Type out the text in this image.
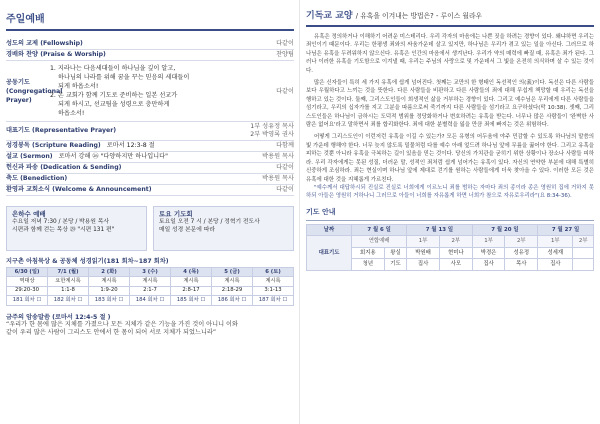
주일예배
성도의 교제 (Fellowship)	다같이
경배와 찬양 (Praise & Worship)	찬양팀
공동기도
(Congregational Prayer)
1. 지라나는 다음세대들이 하나님을 깊이 알고,
하나님의 나라를 위해 꿈을 꾸는 믿음의 세대들이
되게 하옵소서!
2. 온 교회가 함께 기도로 준비하는 일본 선교가
되게 하시고, 선교팀을 성령으로 충만하게
하옵소서!
다같이
대표기도 (Representative Prayer)
1부 성유정 목사
2부 박영록 권사
성경봉독 (Scripture Reading) 로마서 12:3-8 절	다함께
설교 (Sermon) 로마서 강해 ㉖ "다양하지만 하나입니다"	박용원 목사
헌신과 파송 (Dedication & Sending)	다같이
축도 (Benediction)	박용원 목사
환영과 교회소식 (Welcome & Announcement)	다같이
은하수 예배
수요일 저녁 7:30 / 본당 / 박용원 목사
시편과 함께 걷는 목상 ⑳ "시편 131 편"
토요 기도회
토요일 오전 7 시 / 본당 / 정혁기 전도사
매일 성경 본문에 따라
지구촌 아침묵상 & 공동체 성경읽기(181 회차~187 회차)
6/30 (일)	7/1 (월)	2 (화)	3 (수)	4 (목)	5 (금)	6 (토)
역대상	요한계시록	계시록	계시록	계시록	계시록	계시록
29:20-30	1:1-8	1:9-20	2:1-7	2:8-17	2:18-29	3:1-13
181 회차 ☐	182 회차 ☐	183 회차 ☐	184 회차 ☐	185 회차 ☐	186 회차 ☐	187 회차 ☐
금주의 암송말씀 (로마서 12:4-5 절 )
“우리가 한 몸에 많은 지체를 가졌으나 모든 지체가 같은 기능을 가진 것이 아니니 이와
같이 우리 많은 사람이 그리스도 안에서 한 몸이 되어 서로 지체가 되었느니라”
기독교 교양 / 유혹을 이겨내는 방법은? - 루이스 월라우

유혹은 정의하거나 이해하기 어려운 미스테리다. 우리 각자의 마음에는 나쁜 짓을 하려는 경향이 있다. 왜냐하면 우리는 죄인이기 때문이다. 우리는 한평생 죄와의 싸움가운데 살고 있지만, 하나님은 우리가 겪고 있는 일을 아신다. 그러므로 하나님은 유혹을 두려워하지 않으신다. 유혹은 인간의 마음에서 생겨난다. 우리가 약의 매력에 빠질 때, 유혹은 죄가 된다. 그러나 이러한 유혹을 기도함으로 이겨낼 때, 우리는 주님의 사랑으로 및 가운데서 그 빛을 온전히 의식하며 살 수 있는 것이다.

많은 신자들이 특히 세 가지 유혹에 쉽게 넘어진다. 첫째는 교만의 한 형태인 독선적인 의(義)이다. 독선은 다른 사람들보다 우월하다고 느끼는 것을 뜻한다. 다른 사람들을 비판하고 다른 사람들의 죄에 대해 무섭게 책망할 때 우리는 독선을 행하고 있는 것이다. 둘째, 그리스도인들이 희생적인 삶을 거부하는 경향이 있다. 그리고 예수님은 우리에게 다른 사람들을 섬기라고, 우리의 십자가를 지고 그분을 따름으로써 죽기까지 다른 사람들을 섬기라고 요구하셨다(막 10:38). 셋째, 그리스도인들은 하나님이 금하시는 도덕적 범위를 정당화하거나 변호하려는 유혹을 받는다. 너무나 많은 사람들이 '완벽한 사람은 없어요'라고 말하면서 죄를 합리화한다. 죄에 대한 분별력을 잃을 만큼 죄에 빠지는 것은 위험하다.

어떻게 그리스도인이 이런저런 유혹을 이길 수 있는가? 모든 유형의 어두움에 야주 민감할 수 있도록 하나님의 말씀의 빛 가운데 행해야 한다. 너무 늦지 않도록 밀물처럼 다를 예수 아래 엎드려 하나님 앞에 무릎을 꿇어야 한다. 그리고 유혹을 피하는 것뿐 아니라 유혹을 극복하는 길이 있음을 믿는 것이다. 당신의 가치관을 굳히기 위한 상황이나 장소나 사람들 피하라. 우리 각자에게는 못된 성질, 더러운 말, 성적인 죄처럼 쉽게 넘어가는 유혹이 있다. 자신의 연약한 부분에 대해 특별히 신중하게 조심하라. 죄는 현실이며 하나님 앞에 제대로 걷기를 원하는 사람들에게 더욱 찾아올 수 있다. 이러한 모든 것은 유혹에 대한 것을 지혜롭게 가르친다.

"예수께서 대답하시되 진실로 진실로 너희에게 이르노니 죄를 범하는 자마다 죄의 종이라 종은 영원히 집에 거하지 못하되 아들은 영원히 거하나니 그러므로 아들이 너희를 자유롭게 하면 너희가 참으로 자유로우리라"(요 8:34-36).

기도 안내
날짜	7 월 6 일		7 월 13 일		7 월 20 일		7 월 27 일	
대표기도	연합예배		1부	2부	1부	2부	1부	2부
	회지용	왕실	박원배	현미나	박경은	성유정	성세재	
	청년	기도	집사	사모	집사	목사	집사	
